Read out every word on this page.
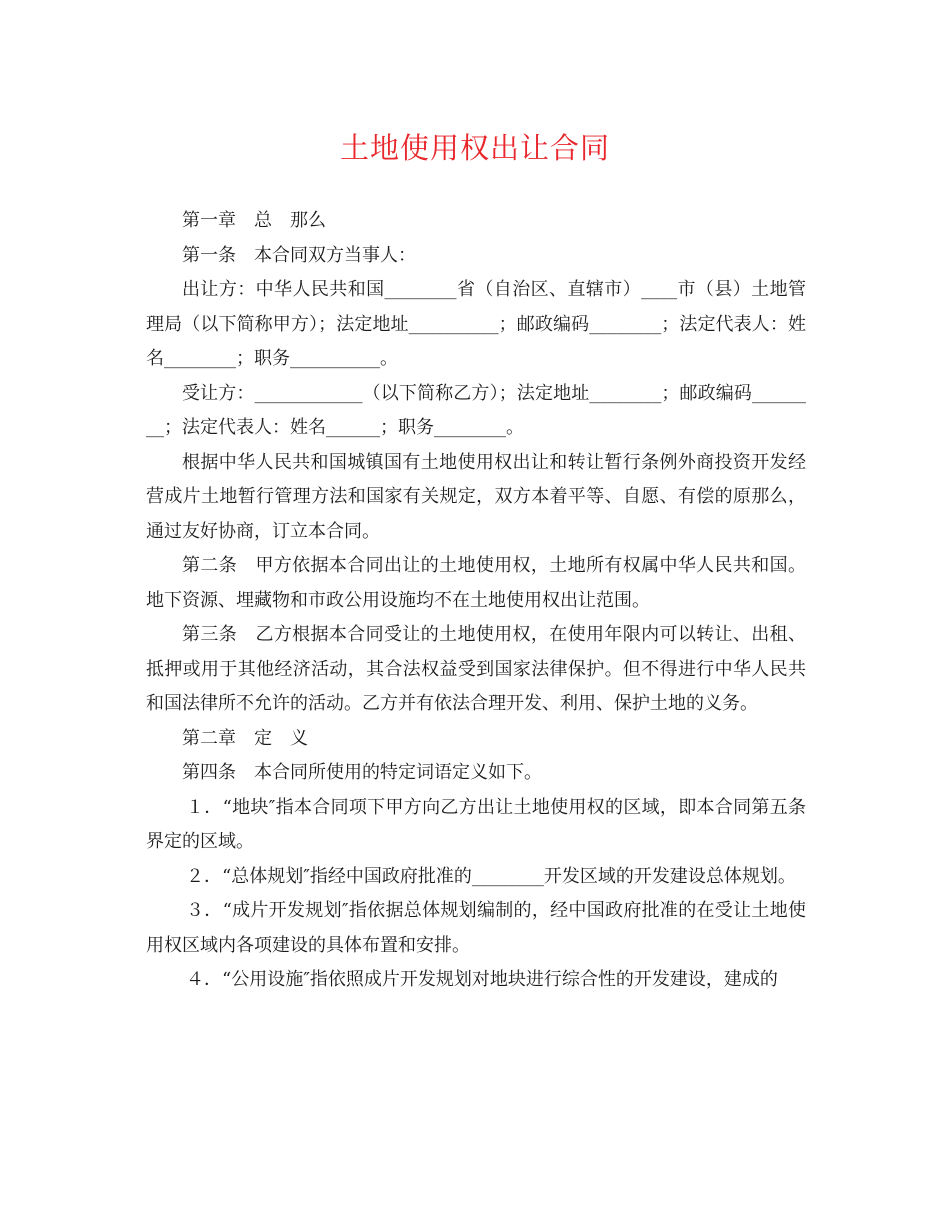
土地使用权出让合同

第一章　总　那么

第一条　本合同双方当事人：

出让方：中华人民共和国________省（自治区、直辖市）____市（县）土地管理局（以下简称甲方）；法定地址__________；邮政编码________；法定代表人：姓名________；职务__________。

受让方：____________（以下简称乙方）；法定地址________；邮政编码________；法定代表人：姓名______；职务________。

根据中华人民共和国城镇国有土地使用权出让和转让暂行条例外商投资开发经营成片土地暂行管理方法和国家有关规定，双方本着平等、自愿、有偿的原那么，通过友好协商，订立本合同。

第二条　甲方依据本合同出让的土地使用权，土地所有权属中华人民共和国。地下资源、埋藏物和市政公用设施均不在土地使用权出让范围。

第三条　乙方根据本合同受让的土地使用权，在使用年限内可以转让、出租、抵押或用于其他经济活动，其合法权益受到国家法律保护。但不得进行中华人民共和国法律所不允许的活动。乙方并有依法合理开发、利用、保护土地的义务。

第二章　定　义

第四条　本合同所使用的特定词语定义如下。

１．“地块″指本合同项下甲方向乙方出让土地使用权的区域，即本合同第五条界定的区域。

２．“总体规划″指经中国政府批准的________开发区域的开发建设总体规划。

３．“成片开发规划″指依据总体规划编制的，经中国政府批准的在受让土地使用权区域内各项建设的具体布置和安排。

４．“公用设施″指依照成片开发规划对地块进行综合性的开发建设，建成的
